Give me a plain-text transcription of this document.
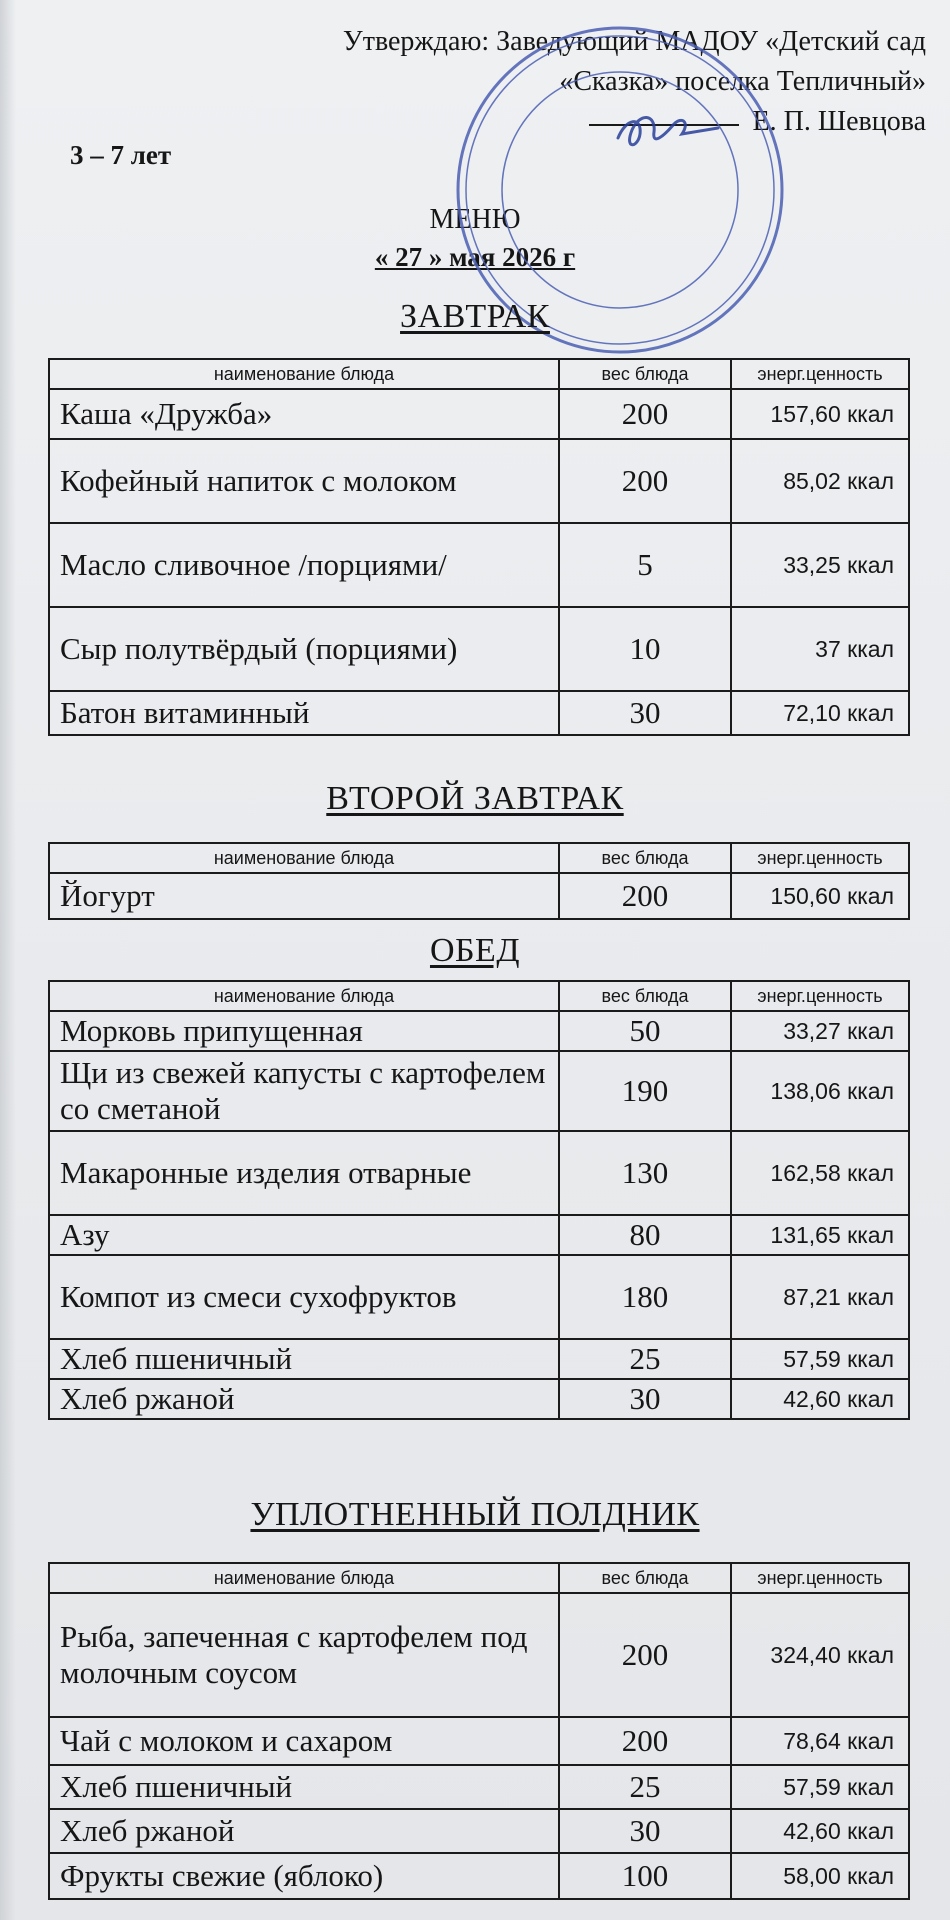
Утверждаю: Заведующий МАДОУ «Детский сад
«Сказка» поселка Тепличный»
Е. П. Шевцова
3 – 7 лет
МЕНЮ
« 27 » мая 2026 г
ЗАВТРАК
наименование блюда	вес блюда	энерг.ценность
Каша «Дружба»	200	157,60 ккал
Кофейный напиток с молоком	200	85,02 ккал
Масло сливочное /порциями/	5	33,25 ккал
Сыр полутвёрдый (порциями)	10	37 ккал
Батон витаминный	30	72,10 ккал
ВТОРОЙ ЗАВТРАК
наименование блюда	вес блюда	энерг.ценность
Йогурт	200	150,60 ккал
ОБЕД
наименование блюда	вес блюда	энерг.ценность
Морковь припущенная	50	33,27 ккал
Щи из свежей капусты с картофелем со сметаной	190	138,06 ккал
Макаронные изделия отварные	130	162,58 ккал
Азу	80	131,65 ккал
Компот из смеси сухофруктов	180	87,21 ккал
Хлеб пшеничный	25	57,59 ккал
Хлеб ржаной	30	42,60 ккал
УПЛОТНЕННЫЙ ПОЛДНИК
наименование блюда	вес блюда	энерг.ценность
Рыба, запеченная с картофелем под молочным соусом	200	324,40 ккал
Чай с молоком и сахаром	200	78,64 ккал
Хлеб пшеничный	25	57,59 ккал
Хлеб ржаной	30	42,60 ккал
Фрукты свежие (яблоко)	100	58,00 ккал
